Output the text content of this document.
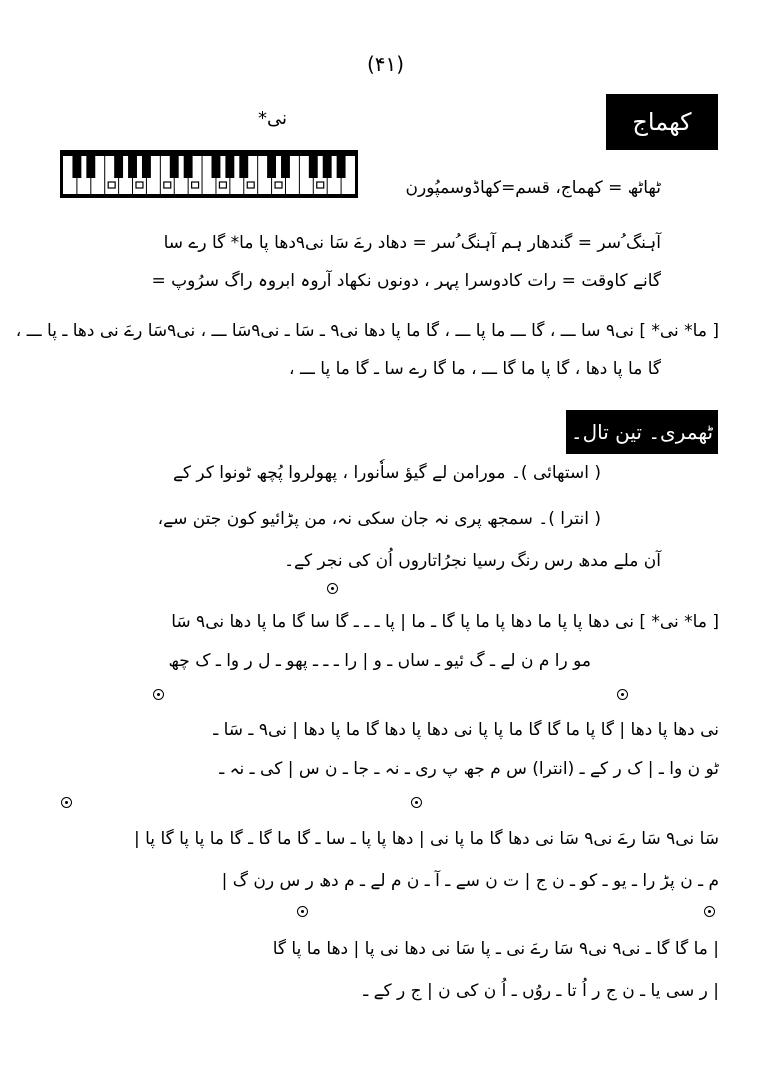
(۴۱)
کھماج
نی*
ٹھاٹھ = کھماج، قسم=کھاڈوسمپُورن
آہنگ ُسر = گندھار ہم آہنگ ُسر = دھاد رےَ سَا نی۹دھا پا ما* گا رے سا
گانے کاوقت = رات کادوسرا پہر ، دونوں نکھاد آروہ ابروہ راگ سرُوپ =
[ ما* نی* ] نی۹ سا ـــ ، گا ـــ ما پا ـــ ، گا ما پا دھا نی۹ ـ سَا ـ نی۹سَا ـــ ، نی۹سَا رےَ نی دھا ـ پا ـــ ،
گا ما پا دھا ، گا پا ما گا ـــ ، ما گا رے سا ـ گا ما پا ـــ ،
ٹھمری۔ تین تال۔
( استھائی )۔ مورامن لے گیؤ ساٗنورا ، پھولروا پُچھ ٹونوا کر کے
( انترا )۔ سمجھ پری نہ جان سکی نہ، من پڑائیو کون جتن سے،
آن ملے مدھ رس رنگ رسیا نجرُاتاروں اُن کی نجر کے۔
[ ما* نی* ] نی دھا پا پا ما دھا پا ما پا گا ـ ما | پا ـ ـ ـ گا سا گا ما پا دھا نی۹ سَا
مو را م ن لے ـ گ ئیو ـ ساں ـ و | را ـ ـ ـ پھو ـ ل ر وا ـ ک چھ
نی دھا پا دھا | گا پا ما گا گا ما پا پا نی دھا پا دھا گا ما پا دھا | نی۹ ـ سَا ـ
ٹو ن وا ـ | ک ر کے ـ (انترا) س م جھ پ ری ـ نہ ـ جا ـ ن س | کی ـ نہ ـ
سَا نی۹ سَا رےَ نی۹ سَا نی دھا گا ما پا نی | دھا پا پا ـ سا ـ گا ما گا ـ گا ما پا پا گا پا |
م ـ ن پڑ را ـ یو ـ کو ـ ن ج | ت ن سے ـ آ ـ ن م لے ـ م دھ ر س رن گ |
| ما گا گا ـ نی۹ نی۹ سَا رےَ نی ـ پا سَا نی دھا نی پا | دھا ما پا گا
| ر سی یا ـ ن ج ر اُ تا ـ روُں ـ اُ ن کی ن | ج ر کے ـ
